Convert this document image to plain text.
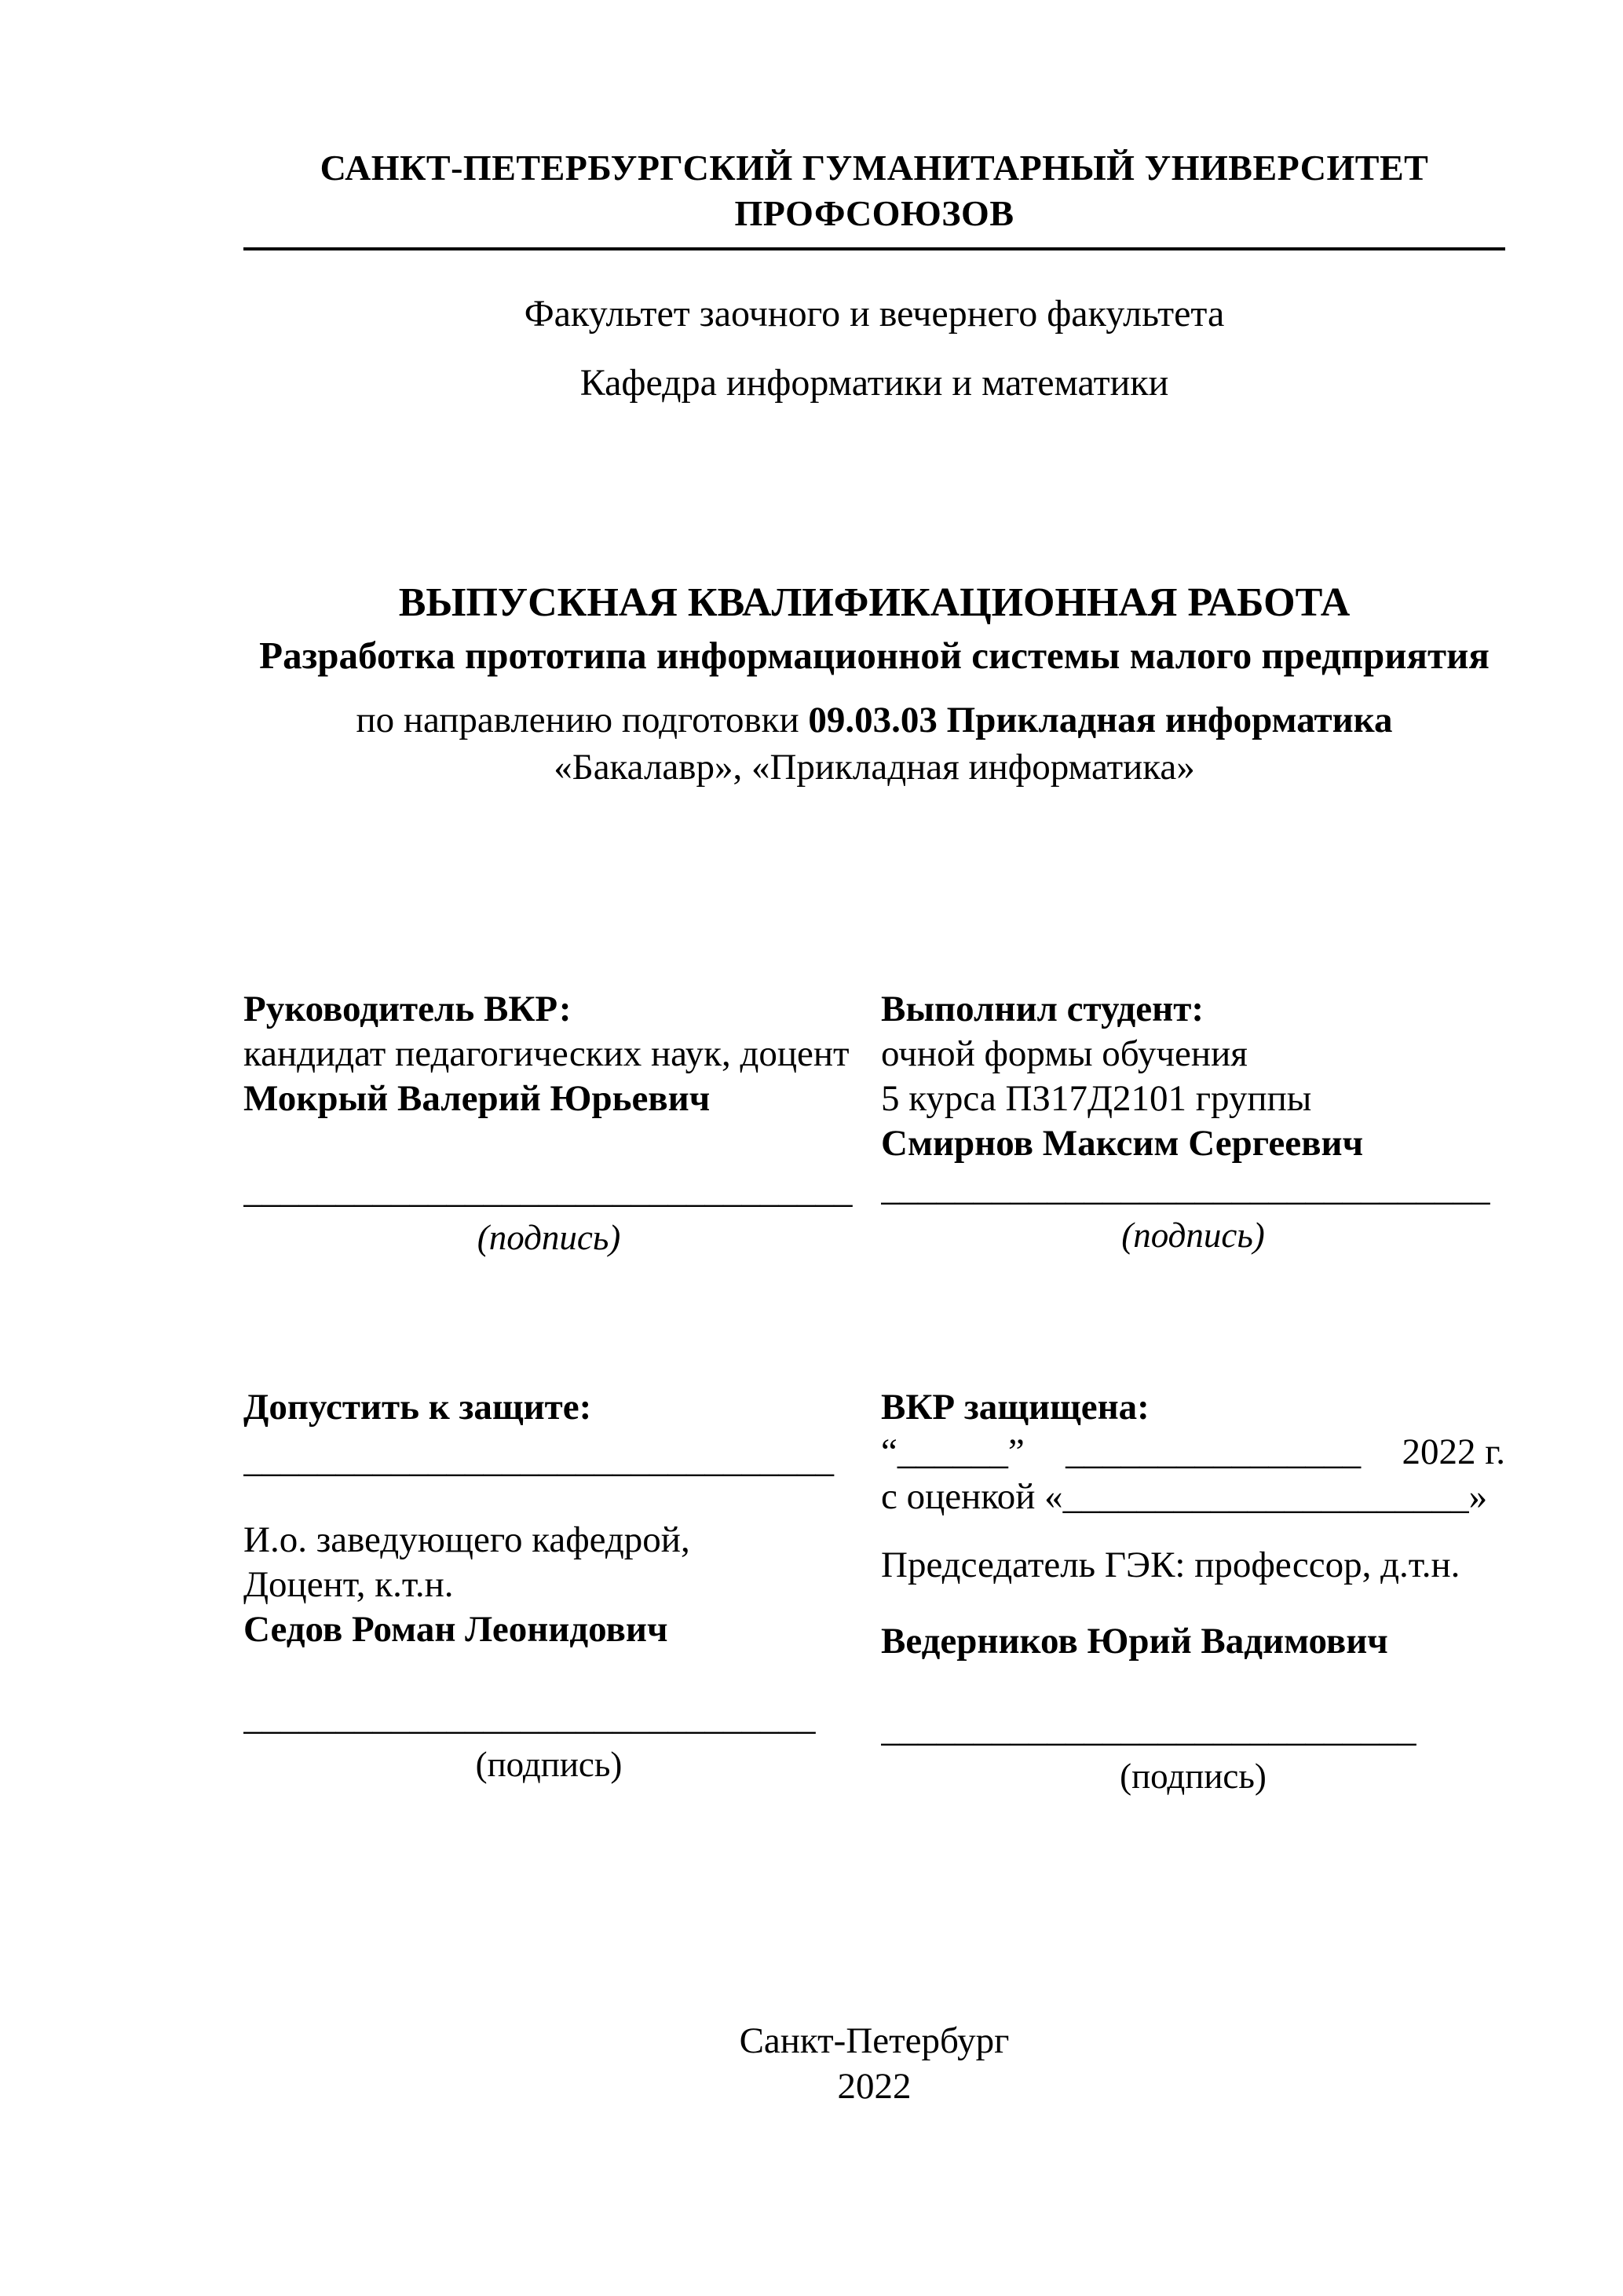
САНКТ-ПЕТЕРБУРГСКИЙ ГУМАНИТАРНЫЙ УНИВЕРСИТЕТ ПРОФСОЮЗОВ
Факультет заочного и вечернего факультета
Кафедра информатики и математики
ВЫПУСКНАЯ КВАЛИФИКАЦИОННАЯ РАБОТА
Разработка прототипа информационной системы малого предприятия
по направлению подготовки 09.03.03 Прикладная информатика
«Бакалавр», «Прикладная информатика»
Руководитель ВКР:
кандидат педагогических наук, доцент
Мокрый Валерий Юрьевич
_________________________________
(подпись)
Выполнил студент:
очной формы обучения
5 курса ПЗ17Д2101 группы
Смирнов Максим Сергеевич
_________________________________
(подпись)
Допустить к защите:
________________________________
И.о. заведующего кафедрой,
Доцент, к.т.н.
Седов Роман Леонидович
_______________________________
(подпись)
ВКР защищена:
“______” ________________ 2022 г.
с оценкой «______________________»
Председатель ГЭК: профессор, д.т.н.
Ведерников Юрий Вадимович
_____________________________
(подпись)
Санкт-Петербург
2022
